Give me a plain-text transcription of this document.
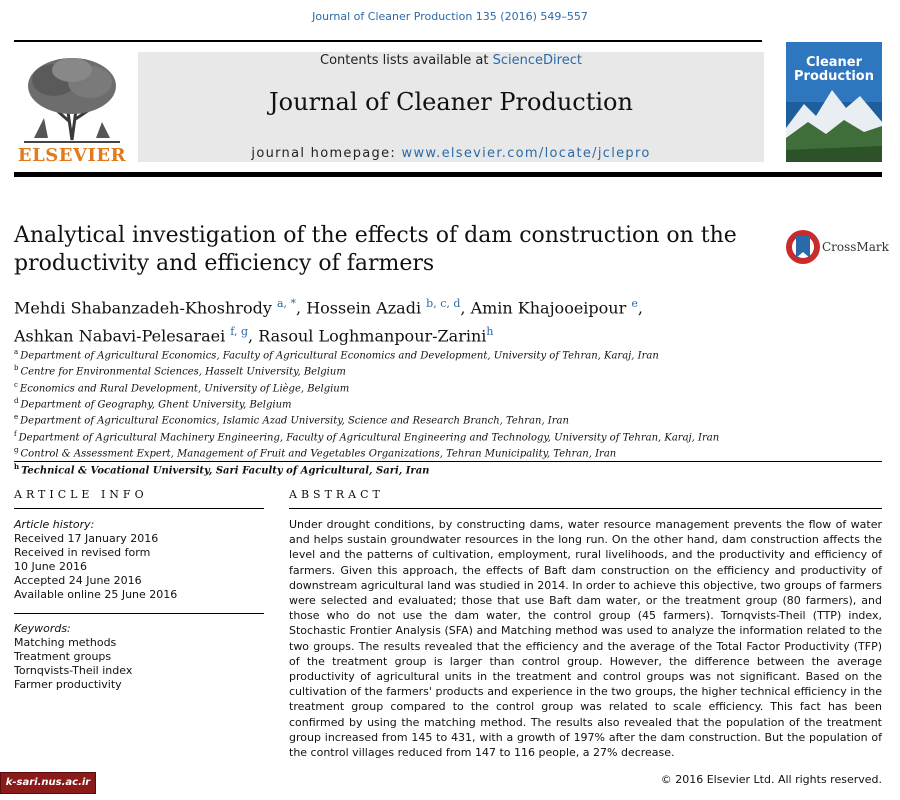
Journal of Cleaner Production 135 (2016) 549–557
ELSEVIER
Contents lists available at ScienceDirect
Journal of Cleaner Production
journal homepage: www.elsevier.com/locate/jclepro
Cleaner Production
Analytical investigation of the effects of dam construction on the productivity and efficiency of farmers
CrossMark
Mehdi Shabanzadeh-Khoshrody $^{a, *}$, Hossein Azadi $^{b, c, d}$, Amin Khajooeipour $^e$,
Ashkan Nabavi-Pelesaraei $^{f, g}$, Rasoul Loghmanpour-Zarini$^h$
$^a$ Department of Agricultural Economics, Faculty of Agricultural Economics and Development, University of Tehran, Karaj, Iran
$^b$ Centre for Environmental Sciences, Hasselt University, Belgium
$^c$ Economics and Rural Development, University of Liège, Belgium
$^d$ Department of Geography, Ghent University, Belgium
$^e$ Department of Agricultural Economics, Islamic Azad University, Science and Research Branch, Tehran, Iran
$^f$ Department of Agricultural Machinery Engineering, Faculty of Agricultural Engineering and Technology, University of Tehran, Karaj, Iran
$^g$ Control & Assessment Expert, Management of Fruit and Vegetables Organizations, Tehran Municipality, Tehran, Iran
$^h$ Technical & Vocational University, Sari Faculty of Agricultural, Sari, Iran
ARTICLE INFO
Article history:
Received 17 January 2016
Received in revised form
10 June 2016
Accepted 24 June 2016
Available online 25 June 2016
Keywords:
Matching methods
Treatment groups
Tornqvists-Theil index
Farmer productivity
ABSTRACT
Under drought conditions, by constructing dams, water resource management prevents the flow of water and helps sustain groundwater resources in the long run. On the other hand, dam construction affects the level and the patterns of cultivation, employment, rural livelihoods, and the productivity and efficiency of farmers. Given this approach, the effects of Baft dam construction on the efficiency and productivity of downstream agricultural land was studied in 2014. In order to achieve this objective, two groups of farmers were selected and evaluated; those that use Baft dam water, or the treatment group (80 farmers), and those who do not use the dam water, the control group (45 farmers). Tornqvists-Theil (TTP) index, Stochastic Frontier Analysis (SFA) and Matching method was used to analyze the information related to the two groups. The results revealed that the efficiency and the average of the Total Factor Productivity (TFP) of the treatment group is larger than control group. However, the difference between the average productivity of agricultural units in the treatment and control groups was not significant. Based on the cultivation of the farmers' products and experience in the two groups, the higher technical efficiency in the treatment group compared to the control group was related to scale efficiency. This fact has been confirmed by using the matching method. The results also revealed that the population of the treatment group increased from 145 to 431, with a growth of 197% after the dam construction. But the population of the control villages reduced from 147 to 116 people, a 27% decrease.
© 2016 Elsevier Ltd. All rights reserved.
k-sari.nus.ac.ir
